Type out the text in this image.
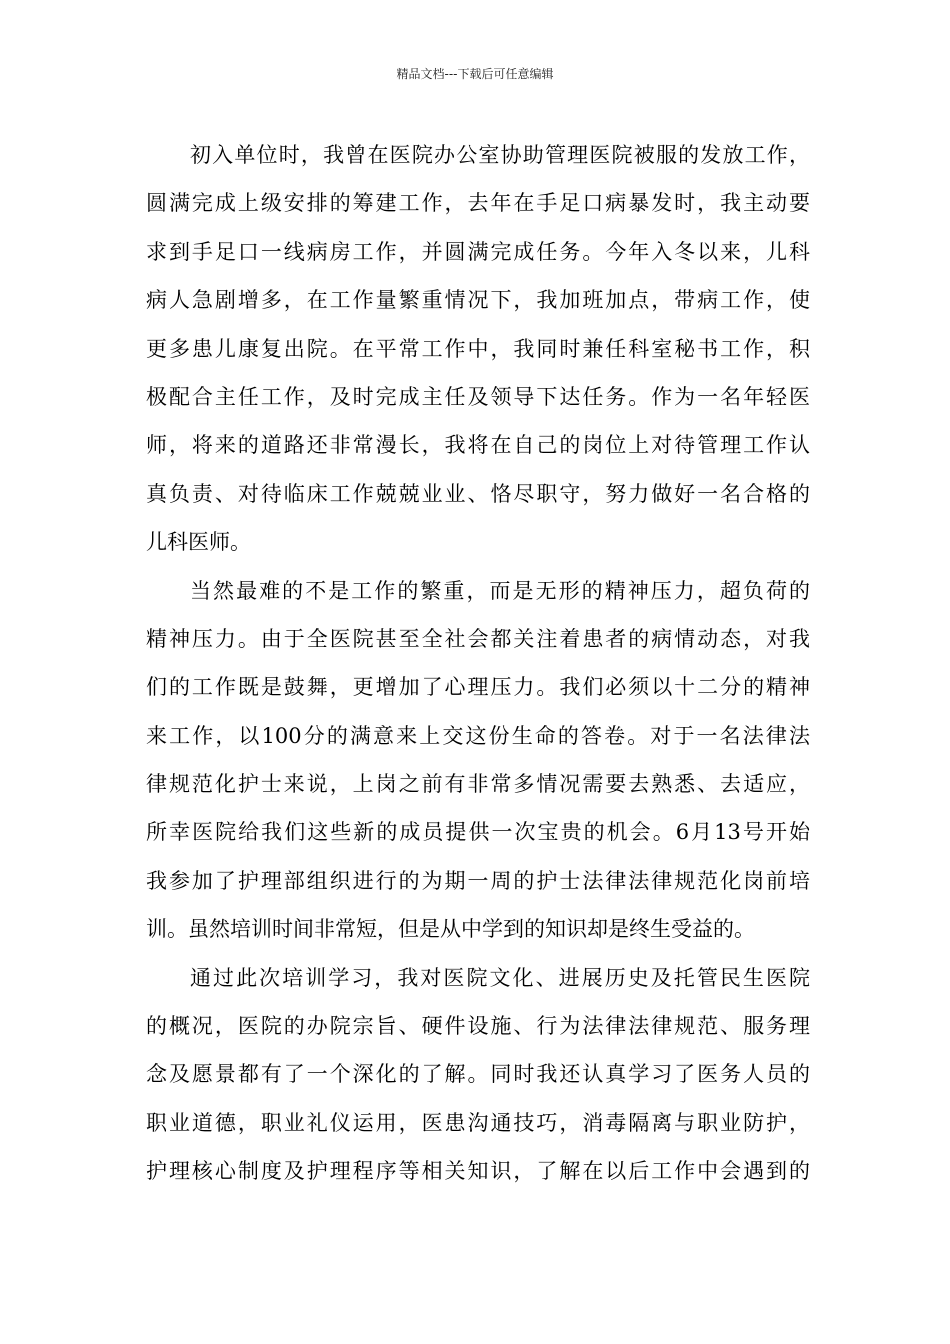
精品文档---下载后可任意编辑
初入单位时，我曾在医院办公室协助管理医院被服的发放工作，
圆满完成上级安排的筹建工作，去年在手足口病暴发时，我主动要
求到手足口一线病房工作，并圆满完成任务。今年入冬以来，儿科
病人急剧增多，在工作量繁重情况下，我加班加点，带病工作，使
更多患儿康复出院。在平常工作中，我同时兼任科室秘书工作，积
极配合主任工作，及时完成主任及领导下达任务。作为一名年轻医
师，将来的道路还非常漫长，我将在自己的岗位上对待管理工作认
真负责、对待临床工作兢兢业业、恪尽职守，努力做好一名合格的
儿科医师。
当然最难的不是工作的繁重，而是无形的精神压力，超负荷的
精神压力。由于全医院甚至全社会都关注着患者的病情动态，对我
们的工作既是鼓舞，更增加了心理压力。我们必须以十二分的精神
来工作，以100分的满意来上交这份生命的答卷。对于一名法律法
律规范化护士来说，上岗之前有非常多情况需要去熟悉、去适应，
所幸医院给我们这些新的成员提供一次宝贵的机会。6月13号开始
我参加了护理部组织进行的为期一周的护士法律法律规范化岗前培
训。虽然培训时间非常短，但是从中学到的知识却是终生受益的。
通过此次培训学习，我对医院文化、进展历史及托管民生医院
的概况，医院的办院宗旨、硬件设施、行为法律法律规范、服务理
念及愿景都有了一个深化的了解。同时我还认真学习了医务人员的
职业道德，职业礼仪运用，医患沟通技巧，消毒隔离与职业防护，
护理核心制度及护理程序等相关知识，了解在以后工作中会遇到的
